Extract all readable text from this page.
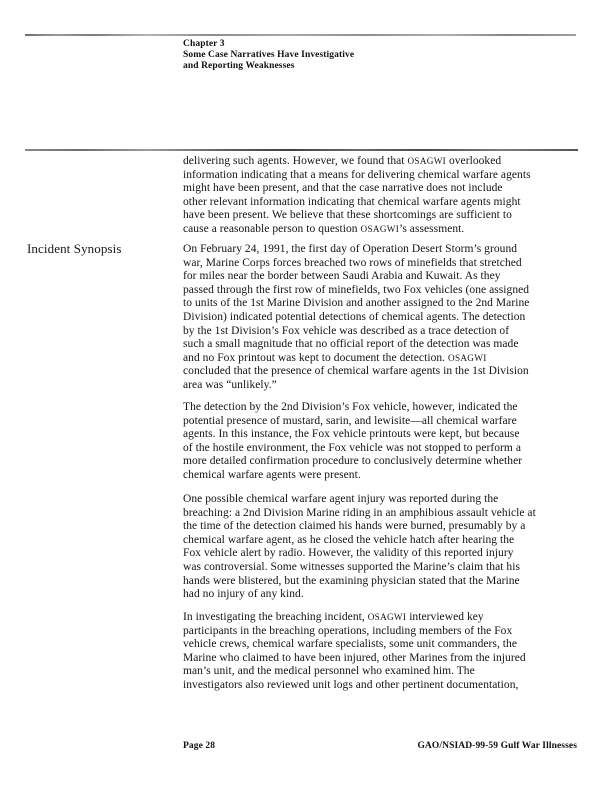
Chapter 3
Some Case Narratives Have Investigative
and Reporting Weaknesses
Incident Synopsis
delivering such agents. However, we found that OSAGWI overlooked
information indicating that a means for delivering chemical warfare agents
might have been present, and that the case narrative does not include
other relevant information indicating that chemical warfare agents might
have been present. We believe that these shortcomings are sufficient to
cause a reasonable person to question OSAGWI’s assessment.
On February 24, 1991, the first day of Operation Desert Storm’s ground
war, Marine Corps forces breached two rows of minefields that stretched
for miles near the border between Saudi Arabia and Kuwait. As they
passed through the first row of minefields, two Fox vehicles (one assigned
to units of the 1st Marine Division and another assigned to the 2nd Marine
Division) indicated potential detections of chemical agents. The detection
by the 1st Division’s Fox vehicle was described as a trace detection of
such a small magnitude that no official report of the detection was made
and no Fox printout was kept to document the detection. OSAGWI
concluded that the presence of chemical warfare agents in the 1st Division
area was “unlikely.”
The detection by the 2nd Division’s Fox vehicle, however, indicated the
potential presence of mustard, sarin, and lewisite—all chemical warfare
agents. In this instance, the Fox vehicle printouts were kept, but because
of the hostile environment, the Fox vehicle was not stopped to perform a
more detailed confirmation procedure to conclusively determine whether
chemical warfare agents were present.
One possible chemical warfare agent injury was reported during the
breaching: a 2nd Division Marine riding in an amphibious assault vehicle at
the time of the detection claimed his hands were burned, presumably by a
chemical warfare agent, as he closed the vehicle hatch after hearing the
Fox vehicle alert by radio. However, the validity of this reported injury
was controversial. Some witnesses supported the Marine’s claim that his
hands were blistered, but the examining physician stated that the Marine
had no injury of any kind.
In investigating the breaching incident, OSAGWI interviewed key
participants in the breaching operations, including members of the Fox
vehicle crews, chemical warfare specialists, some unit commanders, the
Marine who claimed to have been injured, other Marines from the injured
man’s unit, and the medical personnel who examined him. The
investigators also reviewed unit logs and other pertinent documentation,
Page 28	GAO/NSIAD-99-59 Gulf War Illnesses
